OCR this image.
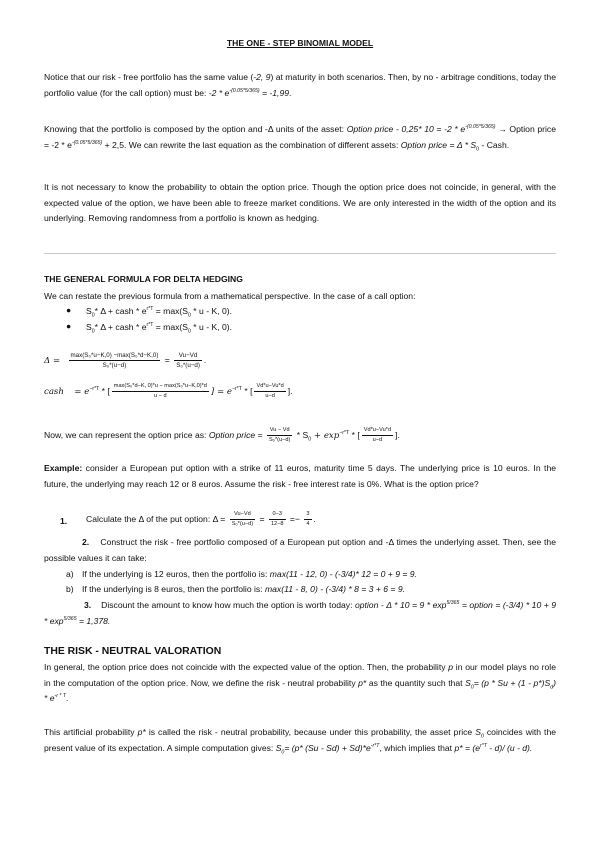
THE ONE - STEP BINOMIAL MODEL

Notice that our risk - free portfolio has the same value (-2, 9) at maturity in both scenarios. Then, by no - arbitrage conditions, today the portfolio value (for the call option) must be: $-2 * e^{-(0.05*5/365)} = -1,99$.

Knowing that the portfolio is composed by the option and -Δ units of the asset: Option price - 0,25* $10 = -2 * e^{-(0.05*5/365)}$ → Option price = $-2 * e^{-(0.05*5/365)} + 2,5$. We can rewrite the last equation as the combination of different assets: Option price = Δ * $S_0$ - Cash.

It is not necessary to know the probability to obtain the option price. Though the option price does not coincide, in general, with the expected value of the option, we have been able to freeze market conditions. We are only interested in the width of the option and its underlying. Removing randomness from a portfolio is known as hedging.

THE GENERAL FORMULA FOR DELTA HEDGING

We can restate the previous formula from a mathematical perspective. In the case of a call option:

● $S_0*$ Δ + cash * $e^{r*T} = \max(S_0 * u - K$, 0).
● $S_0*$ Δ + cash * $e^{r*T} = \max(S_0 * u - K$, 0).
$\Delta = \frac{\text{max(S₀*u−K,0) −max(S₀*d−K,0)}}{\text{S₀*(u−d)}} = \frac{Vu-Vd}{\text{S₀*(u−d)}}$ .
cash = $e^{-r*T}$ * [ $\frac{\text{max(S₀*d−K, 0)*u − max(S₀*u−K,0)*d}}{u - d}$ ] = $e^{-r*T}$ * [ $\frac{Vd*u-Vu*d}{u-d}$ ].
Now, we can represent the option price as: Option price = $\frac{Vu - Vd}{\text{S₀*(u−d)}} * S_0 + \exp^{-r*T}$ * [ $\frac{Vd*u-Vu*d}{u-d}$ ].

Example: consider a European put option with a strike of 11 euros, maturity time 5 days. The underlying price is 10 euros. In the future, the underlying may reach 12 or 8 euros. Assume the risk - free interest rate is 0%. What is the option price?

1. Calculate the Δ of the put option: $\Delta = \frac{Vu-Vd}{\text{S₀*(u−d)}} = \frac{0-3}{12-8} =- \frac{3}{4}$ .

2. Construct the risk - free portfolio composed of a European put option and -Δ times the underlying asset. Then, see the possible values it can take:

a) If the underlying is 12 euros, then the portfolio is: max(11 - 12, 0) - (-3/4)* 12 = 0 + 9 = 9.
b) If the underlying is 8 euros, then the portfolio is: max(11 - 8, 0) - (-3/4) * 8 = 3 + 6 = 9.

3. Discount the amount to know how much the option is worth today: option - $\Delta * 10 = 9 * \exp^{5/365}$ = option = $(-3/4) * 10 + 9 * \exp^{5/365} = 1,378$.

THE RISK - NEUTRAL VALORATION

In general, the option price does not coincide with the expected value of the option. Then, the probability p in our model plays no role in the computation of the option price. Now, we define the risk - neutral probability p* as the quantity such that $S_0= (p * Su + (1 - p*)S_d) * e^{-r * T}$.

This artificial probability p* is called the risk - neutral probability, because under this probability, the asset price $S_0$ coincides with the present value of its expectation. A simple computation gives: $S_0= (p*$ $(Su - Sd) + Sd)*e^{-r*T}$, which implies that $p* = (e^{r*T} - d)/$ (u - d).
